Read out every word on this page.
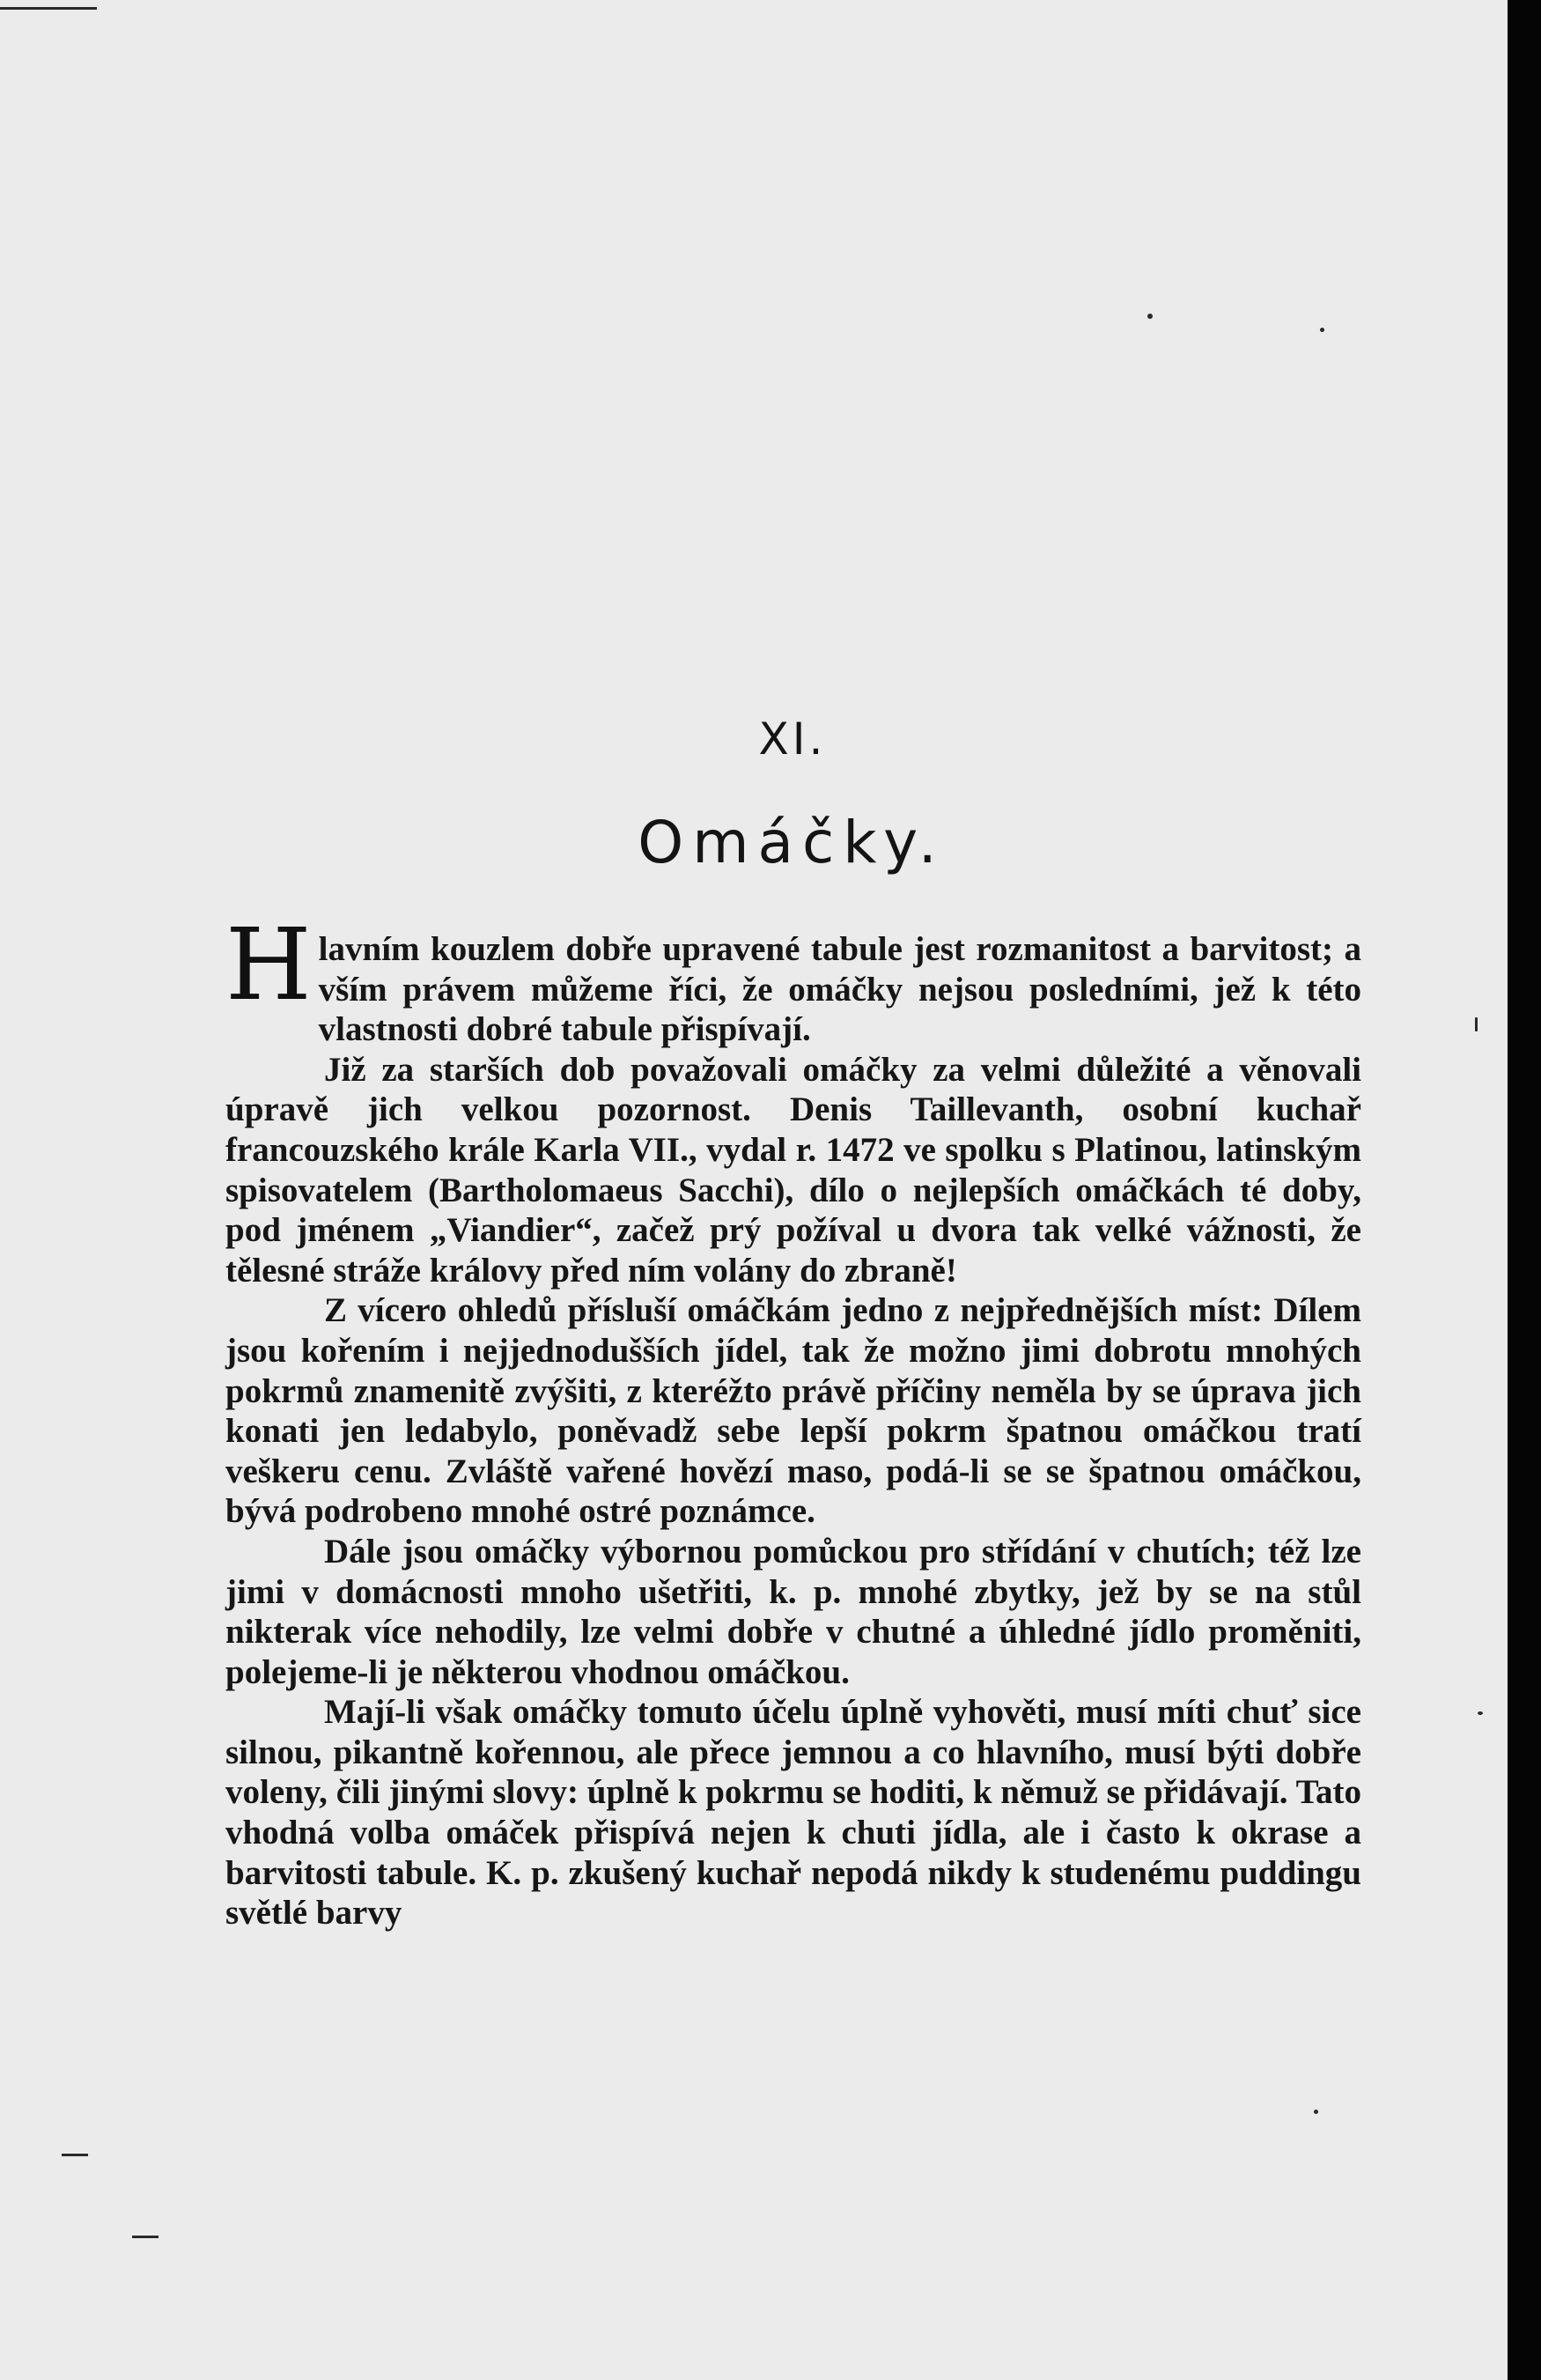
XI.
Omáčky.

Hlavním kouzlem dobře upravené tabule jest rozmanitost a barvitost; a vším právem můžeme říci, že omáčky nejsou posledními, jež k této vlastnosti dobré tabule přispívají.

Již za starších dob považovali omáčky za velmi důležité a věnovali úpravě jich velkou pozornost. Denis Taillevanth, osobní kuchař francouzského krále Karla VII., vydal r. 1472 ve spolku s Platinou, latinským spisovatelem (Bartholomaeus Sacchi), dílo o nejlepších omáčkách té doby, pod jménem „Viandier“, začež prý požíval u dvora tak velké vážnosti, že tělesné stráže královy před ním volány do zbraně!

Z vícero ohledů přísluší omáčkám jedno z nejpřednějších míst: Dílem jsou kořením i nejjednodušších jídel, tak že možno jimi dobrotu mnohých pokrmů znamenitě zvýšiti, z kteréžto právě příčiny neměla by se úprava jich konati jen ledabylo, poněvadž sebe lepší pokrm špatnou omáčkou tratí veškeru cenu. Zvláště vařené hovězí maso, podá-li se se špatnou omáčkou, bývá podrobeno mnohé ostré poznámce.

Dále jsou omáčky výbornou pomůckou pro střídání v chutích; též lze jimi v domácnosti mnoho ušetřiti, k. p. mnohé zbytky, jež by se na stůl nikterak více nehodily, lze velmi dobře v chutné a úhledné jídlo proměniti, polejeme-li je některou vhodnou omáčkou.

Mají-li však omáčky tomuto účelu úplně vyhověti, musí míti chuť sice silnou, pikantně kořennou, ale přece jemnou a co hlavního, musí býti dobře voleny, čili jinými slovy: úplně k pokrmu se hoditi, k němuž se přidávají. Tato vhodná volba omáček přispívá nejen k chuti jídla, ale i často k okrase a barvitosti tabule. K. p. zkušený kuchař nepodá nikdy k studenému puddingu světlé barvy
